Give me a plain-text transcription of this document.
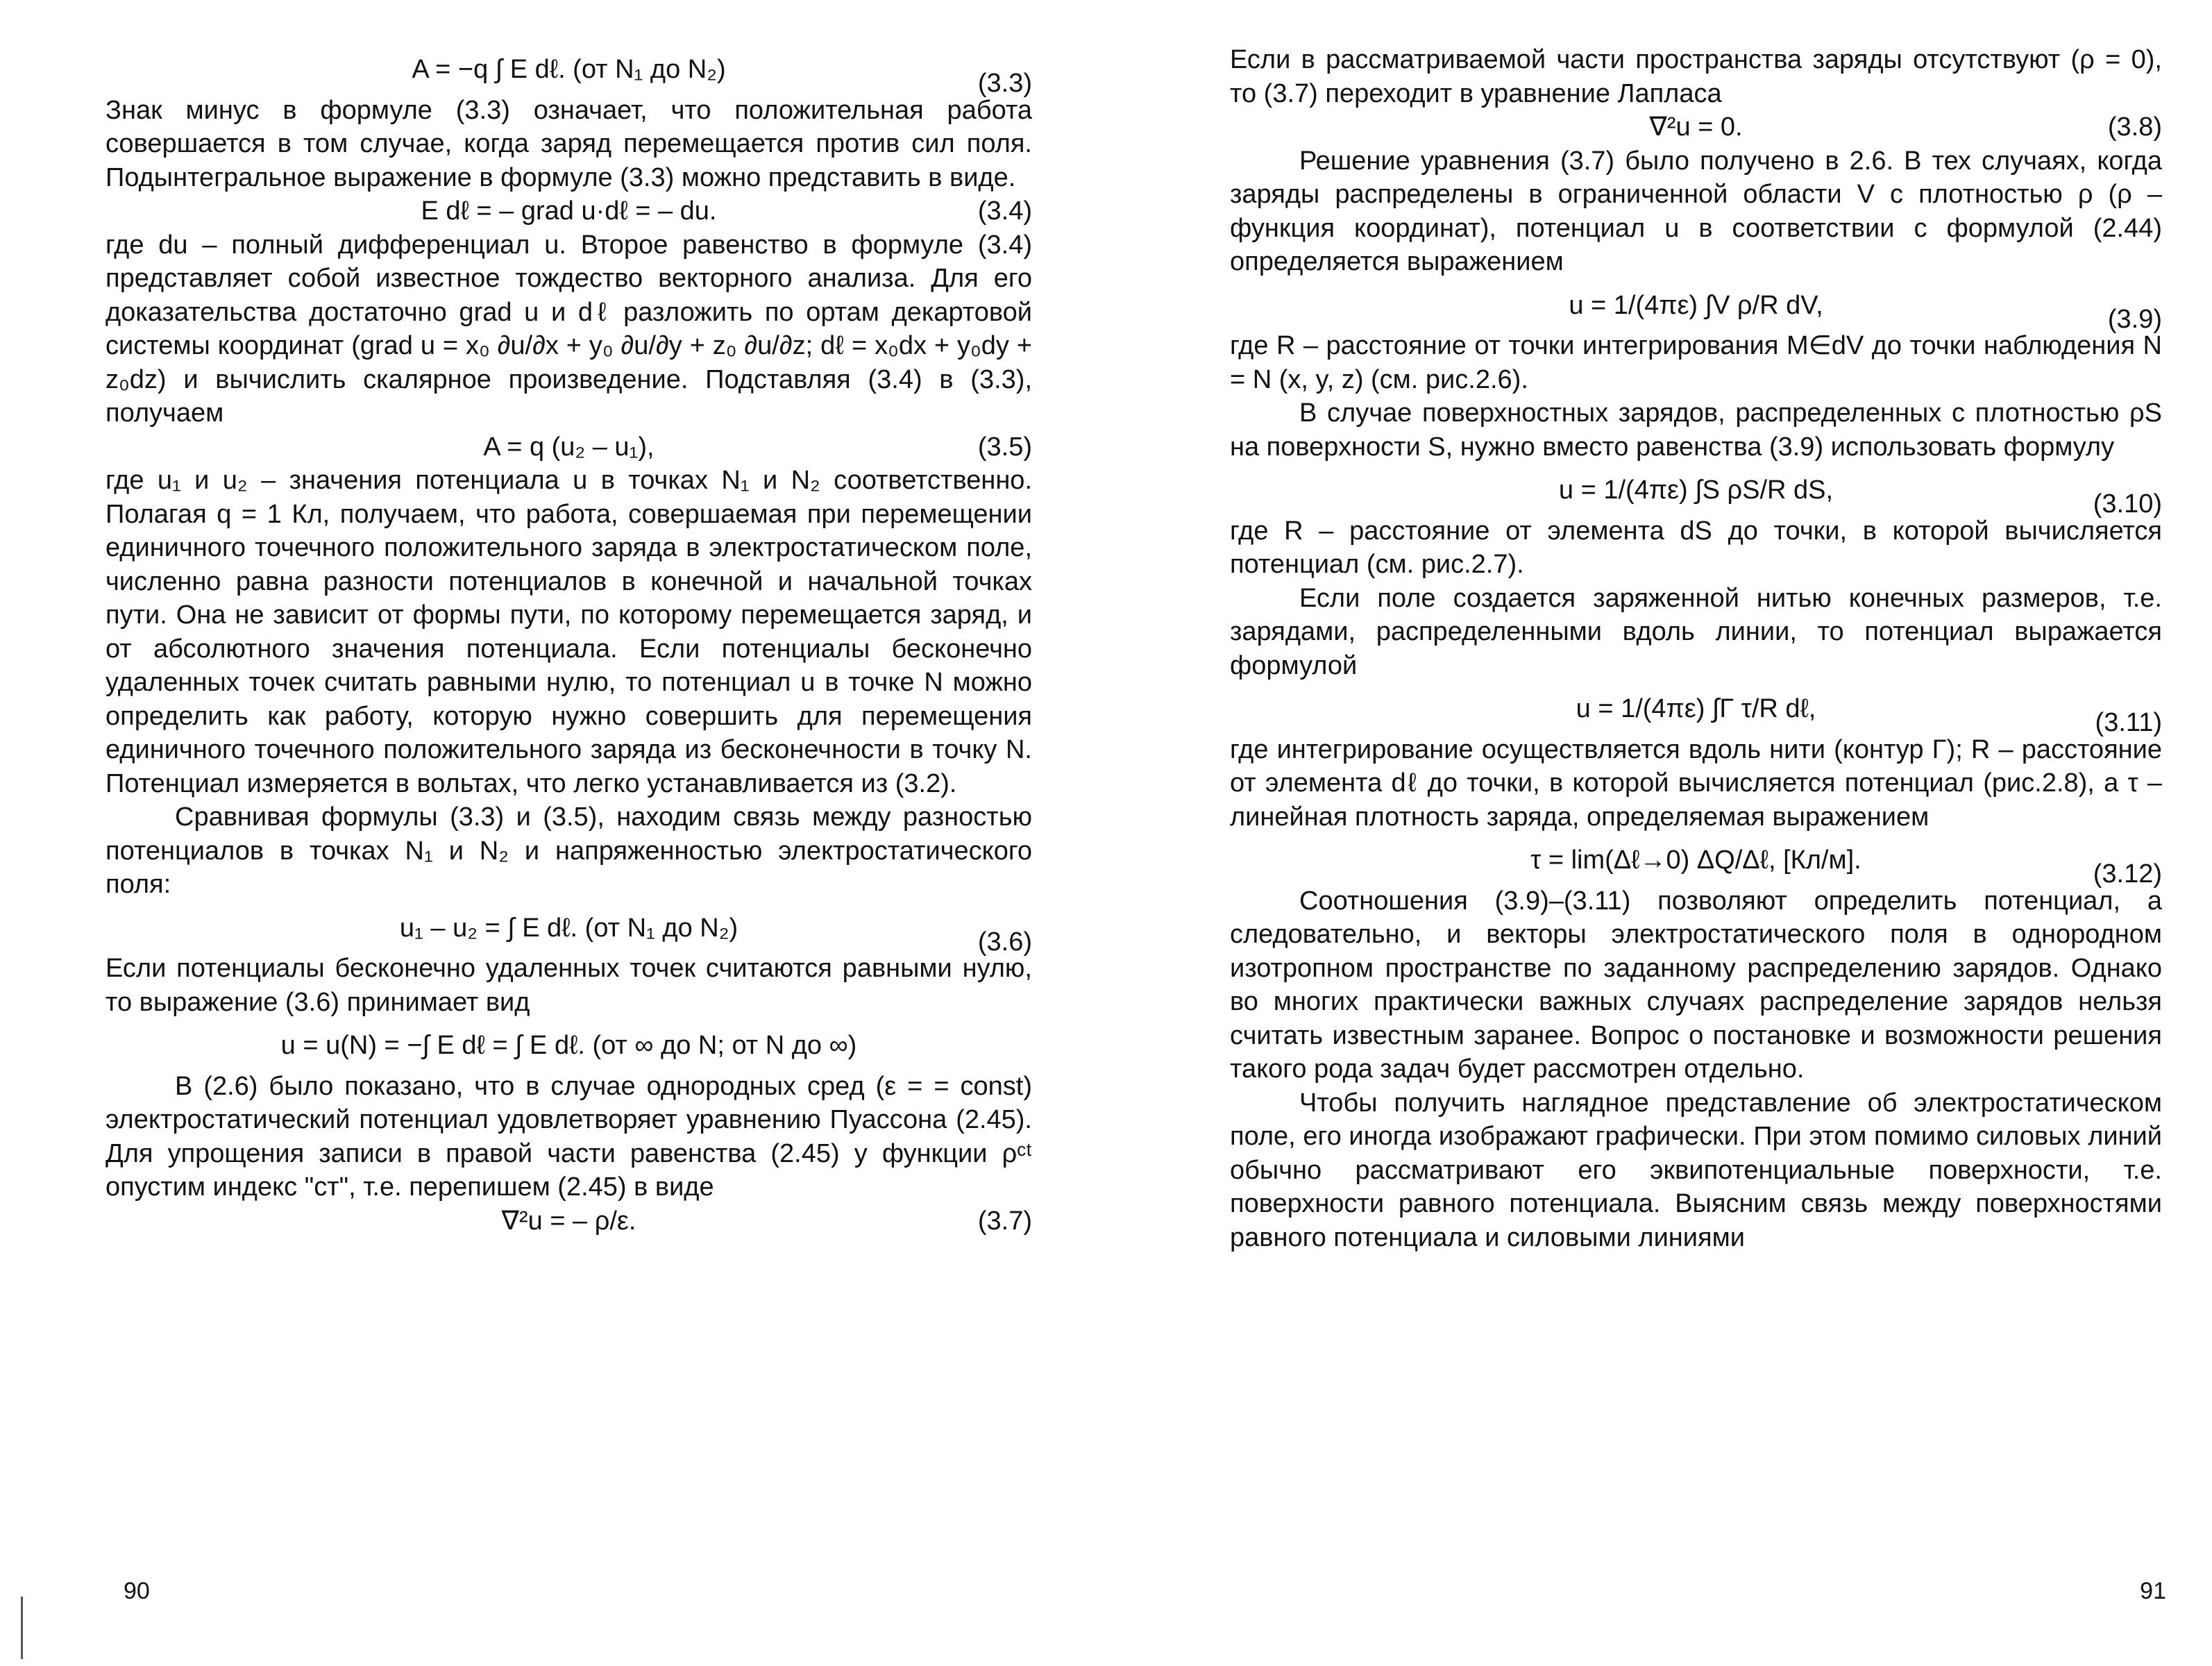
A = −q ∫ E dℓ. (от N₁ до N₂)	(3.3)

Знак минус в формуле (3.3) означает, что положительная работа совершается в том случае, когда заряд перемещается против сил поля. Подынтегральное выражение в формуле (3.3) можно представить в виде.

E dℓ = – grad u·dℓ = – du.	(3.4)

где du – полный дифференциал u. Второе равенство в формуле (3.4) представляет собой известное тождество векторного анализа. Для его доказательства достаточно grad u и dℓ разложить по ортам декартовой системы координат (grad u = x₀ ∂u/∂x + y₀ ∂u/∂y + z₀ ∂u/∂z; dℓ = x₀dx + y₀dy + z₀dz) и вычислить скалярное произведение. Подставляя (3.4) в (3.3), получаем

A = q (u₂ – u₁),	(3.5)

где u₁ и u₂ – значения потенциала u в точках N₁ и N₂ соответственно. Полагая q = 1 Кл, получаем, что работа, совершаемая при перемещении единичного точечного положительного заряда в электростатическом поле, численно равна разности потенциалов в конечной и начальной точках пути. Она не зависит от формы пути, по которому перемещается заряд, и от абсолютного значения потенциала. Если потенциалы бесконечно удаленных точек считать равными нулю, то потенциал u в точке N можно определить как работу, которую нужно совершить для перемещения единичного точечного положительного заряда из бесконечности в точку N. Потенциал измеряется в вольтах, что легко устанавливается из (3.2).

Сравнивая формулы (3.3) и (3.5), находим связь между разностью потенциалов в точках N₁ и N₂ и напряженностью электростатического поля:

u₁ – u₂ = ∫ E dℓ. (от N₁ до N₂)	(3.6)

Если потенциалы бесконечно удаленных точек считаются равными нулю, то выражение (3.6) принимает вид

u = u(N) = −∫ E dℓ = ∫ E dℓ. (от ∞ до N; от N до ∞)

В (2.6) было показано, что в случае однородных сред (ε = = const) электростатический потенциал удовлетворяет уравнению Пуассона (2.45). Для упрощения записи в правой части равенства (2.45) у функции ρᶜᵗ опустим индекс "ст", т.е. перепишем (2.45) в виде

∇²u = – ρ/ε.	(3.7)
90

Если в рассматриваемой части пространства заряды отсутствуют (ρ = 0), то (3.7) переходит в уравнение Лапласа

∇²u = 0.	(3.8)

Решение уравнения (3.7) было получено в 2.6. В тех случаях, когда заряды распределены в ограниченной области V с плотностью ρ (ρ – функция координат), потенциал u в соответствии с формулой (2.44) определяется выражением

u = 1/(4πε) ∫V ρ/R dV,	(3.9)

где R – расстояние от точки интегрирования M∈dV до точки наблюдения N = N (x, y, z) (см. рис.2.6).

В случае поверхностных зарядов, распределенных с плотностью ρS на поверхности S, нужно вместо равенства (3.9) использовать формулу

u = 1/(4πε) ∫S ρS/R dS,	(3.10)

где R – расстояние от элемента dS до точки, в которой вычисляется потенциал (см. рис.2.7).

Если поле создается заряженной нитью конечных размеров, т.е. зарядами, распределенными вдоль линии, то потенциал выражается формулой

u = 1/(4πε) ∫Γ τ/R dℓ,	(3.11)

где интегрирование осуществляется вдоль нити (контур Γ); R – расстояние от элемента dℓ до точки, в которой вычисляется потенциал (рис.2.8), а τ – линейная плотность заряда, определяемая выражением

τ = lim(Δℓ→0) ΔQ/Δℓ, [Кл/м].	(3.12)

Соотношения (3.9)–(3.11) позволяют определить потенциал, а следовательно, и векторы электростатического поля в однородном изотропном пространстве по заданному распределению зарядов. Однако во многих практически важных случаях распределение зарядов нельзя считать известным заранее. Вопрос о постановке и возможности решения такого рода задач будет рассмотрен отдельно.

Чтобы получить наглядное представление об электростатическом поле, его иногда изображают графически. При этом помимо силовых линий обычно рассматривают его эквипотенциальные поверхности, т.е. поверхности равного потенциала. Выясним связь между поверхностями равного потенциала и силовыми линиями

91
